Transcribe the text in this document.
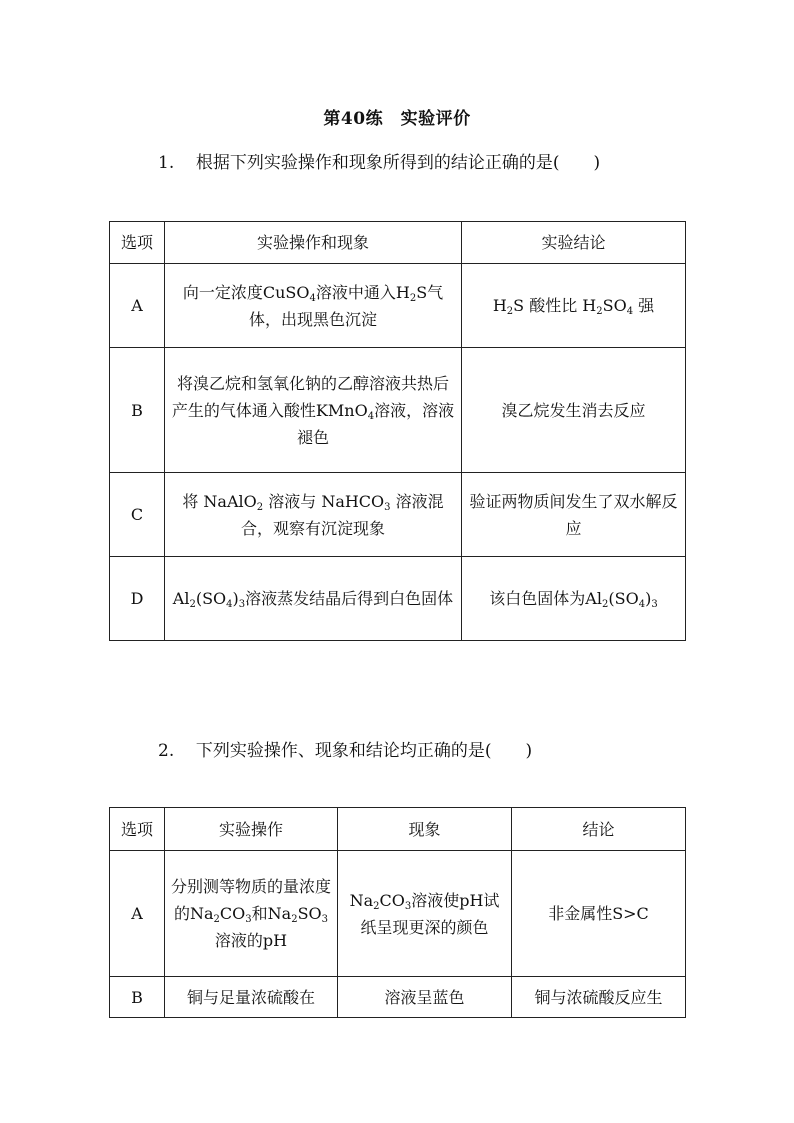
第40练　实验评价
1. 根据下列实验操作和现象所得到的结论正确的是(　　)
选项	实验操作和现象	实验结论
A	向一定浓度CuSO$_4$溶液中通入$H_2S$气体，出现黑色沉淀	$H_2S$ 酸性比 $H_2SO_4$ 强
B	将溴乙烷和氢氧化钠的乙醇溶液共热后产生的气体通入酸性KMnO$_4$溶液，溶液褪色	溴乙烷发生消去反应
C	将 NaAlO$_2$ 溶液与 NaHCO$_3$ 溶液混合，观察有沉淀现象	验证两物质间发生了双水解反应
D	$Al_2(SO_4)_3$溶液蒸发结晶后得到白色固体	该白色固体为$Al_2(SO_4)_3$
2. 下列实验操作、现象和结论均正确的是(　　)
选项	实验操作	现象	结论
A	分别测等物质的量浓度的$Na_2CO_3$和$Na_2SO_3$溶液的pH	$Na_2CO_3$溶液使pH试纸呈现更深的颜色	非金属性S>C
B	铜与足量浓硫酸在	溶液呈蓝色	铜与浓硫酸反应生
